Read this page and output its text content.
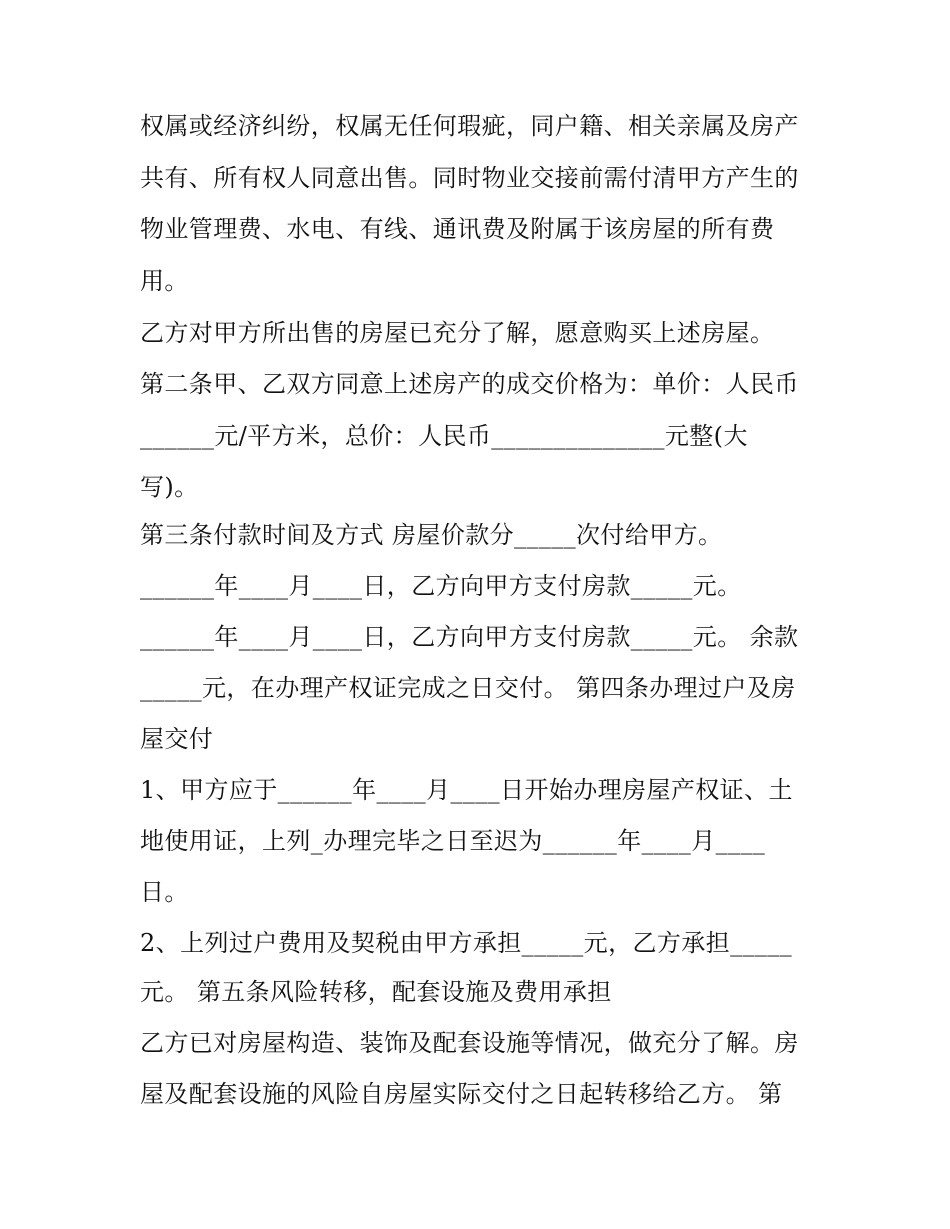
权属或经济纠纷，权属无任何瑕疵，同户籍、相关亲属及房产
共有、所有权人同意出售。同时物业交接前需付清甲方产生的
物业管理费、水电、有线、通讯费及附属于该房屋的所有费
用。
乙方对甲方所出售的房屋已充分了解，愿意购买上述房屋。
第二条甲、乙双方同意上述房产的成交价格为：单价：人民币
______元/平方米，总价：人民币______________元整(大
写)。
第三条付款时间及方式 房屋价款分_____次付给甲方。
______年____月____日，乙方向甲方支付房款_____元。
______年____月____日，乙方向甲方支付房款_____元。 余款
_____元，在办理产权证完成之日交付。 第四条办理过户及房
屋交付
1、甲方应于______年____月____日开始办理房屋产权证、土
地使用证，上列_办理完毕之日至迟为______年____月____
日。
2、上列过户费用及契税由甲方承担_____元，乙方承担_____
元。 第五条风险转移，配套设施及费用承担
乙方已对房屋构造、装饰及配套设施等情况，做充分了解。房
屋及配套设施的风险自房屋实际交付之日起转移给乙方。 第
